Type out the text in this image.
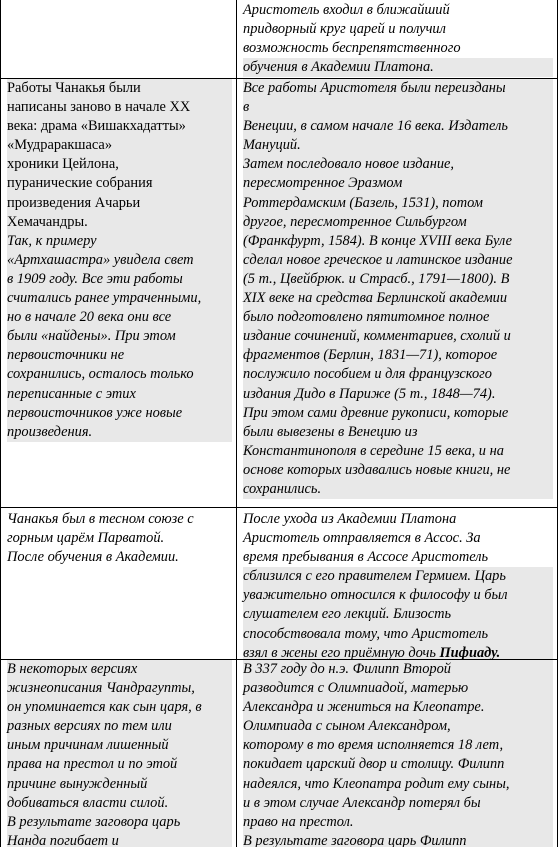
Аристотель входил в ближайший
придворный круг царей и получил
возможность беспрепятственного
обучения в Академии Платона.
Работы Чанакья были
написаны заново в начале XX
века: драма «Вишакхадатты»
«Мудраракшаса»
хроники Цейлона,
пуранические собрания
произведения Ачарьи
Хемачандры.
Так, к примеру
«Артхашастра» увидела свет
в 1909 году. Все эти работы
считались ранее утраченными,
но в начале 20 века они все
были «найдены». При этом
первоисточники не
сохранились, осталось только
переписанные с этих
первоисточников уже новые
произведения.
Все работы Аристотеля были переизданы
в
Венеции, в самом начале 16 века. Издатель
Мануций.
Затем последовало новое издание,
пересмотренное Эразмом
Роттердамским (Базель, 1531), потом
другое, пересмотренное Сильбургом
(Франкфурт, 1584). В конце XVIII века Буле
сделал новое греческое и латинское издание
(5 т., Цвейбрюк. и Страсб., 1791—1800). В
XIX веке на средства Берлинской академии
было подготовлено пятитомное полное
издание сочинений, комментариев, схолий и
фрагментов (Берлин, 1831—71), которое
послужило пособием и для французского
издания Дидо в Париже (5 т., 1848—74).
При этом сами древние рукописи, которые
были вывезены в Венецию из
Константинополя в середине 15 века, и на
основе которых издавались новые книги, не
сохранились.
Чанакья был в тесном союзе с
горным царём Парватой.
После обучения в Академии.
После ухода из Академии Платона
Аристотель отправляется в Ассос. За
время пребывания в Ассосе Аристотель
сблизился с его правителем Гермием. Царь
уважительно относился к философу и был
слушателем его лекций. Близость
способствовала тому, что Аристотель
взял в жены его приёмную дочь Пифиаду.
В некоторых версиях
жизнеописания Чандрагупты,
он упоминается как сын царя, в
разных версиях по тем или
иным причинам лишенный
права на престол и по этой
причине вынужденный
добиваться власти силой.
В результате заговора царь
Нанда погибает и
В 337 году до н.э. Филипп Второй
разводится с Олимпиадой, матерью
Александра и жениться на Клеопатре.
Олимпиада с сыном Александром,
которому в то время исполняется 18 лет,
покидает царский двор и столицу. Филипп
надеялся, что Клеопатра родит ему сыны,
и в этом случае Александр потерял бы
право на престол.
В результате заговора царь Филипп
